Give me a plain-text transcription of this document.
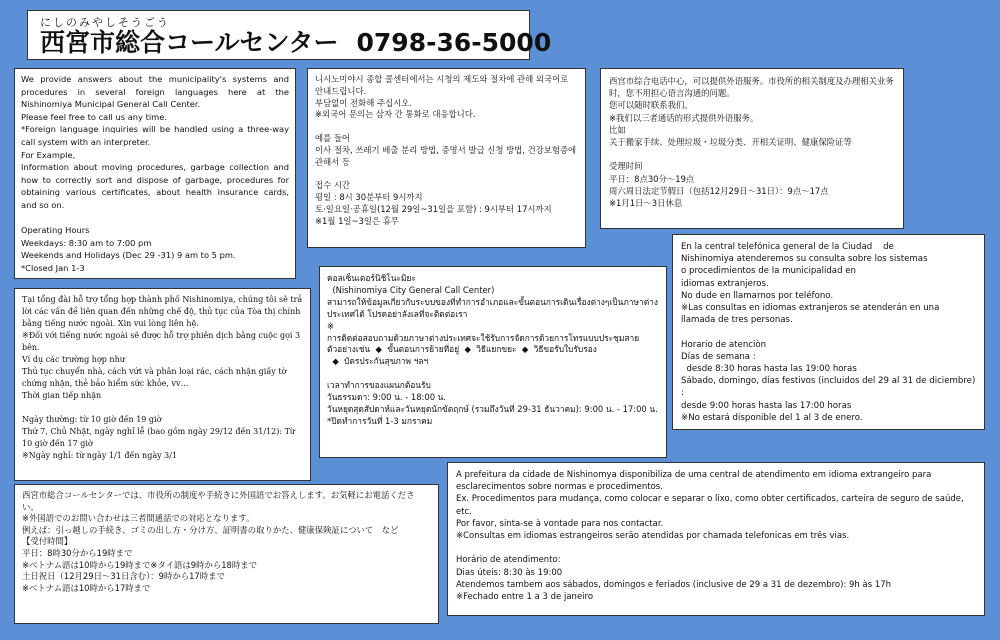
にしのみやしそうごう
西宮市総合コールセンター 0798-36-5000
We provide answers about the municipality's systems and procedures in several foreign languages here at the Nishinomiya Municipal General Call Center.
Please feel free to call us any time.
*Foreign language inquiries will be handled using a three-way call system with an interpreter.
For Example,
Information about moving procedures, garbage collection and how to correctly sort and dispose of garbage, procedures for obtaining various certificates, about health insurance cards, and so on.

Operating Hours
Weekdays: 8:30 am to 7:00 pm
Weekends and Holidays (Dec 29 -31) 9 am to 5 pm.
*Closed Jan 1-3
니시노미야시 종합 콜센터에서는 시청의 제도와 절차에 관해 외국어로 안내드립니다.
부담없이 전화해 주십시오.
※외국어 문의는 삼자 간 통화로 대응합니다.

예를 들어
이사 절차, 쓰레기 배출 분리 방법, 증명서 발급 신청 방법, 건강보험증에 관해서 등

접수 시간
평일 : 8시 30분부터 9시까지
토·일요일·공휴일(12월 29일~31일을 포함) : 9시부터 17시까지
※1월 1일~3일은 휴무
西宫市综合电话中心，可以提供外语服务。市役所的相关制度及办理相关业务时，您不用担心语言沟通的问题。
您可以随时联系我们。
※我们以三者通话的形式提供外语服务。
比如
关于搬家手续、处理垃圾・垃圾分类、开相关证明、健康保险证等

受理时间
平日：8点30分～19点
周六周日法定节假日（包括12月29日～31日）：9点～17点
※1月1日～3日休息
En la central telefónica general de la Ciudad    de
Nishinomiya atenderemos su consulta sobre los sistemas
o procedimientos de la municipalidad en
idiomas extranjeros.
No dude en llamarnos por teléfono.
※Las consultas en idiomas extranjeros se atenderán en una llamada de tres personas.

Horario de atenciòn
Días de semana :
desde 8:30 horas hasta las 19:00 horas
Sábado, domingo, días festivos (incluidos del 29 al 31 de diciembre) :
desde 9:00 horas hasta las 17:00 horas
※No estará disponible del 1 al 3 de enero.
คอลเซ็นเตอร์นิชิโนะมิยะ
(Nishinomiya City General Call Center)
สามารถให้ข้อมูลเกี่ยวกับระบบของที่ทำการอำเภอและขั้นตอนการเดินเรื่องต่างๆเป็นภาษาต่างประเทศได้ โปรดอย่าลังเลที่จะติดต่อเรา
※
การติดต่อสอบถามด้วยภาษาต่างประเทศจะใช้รับการจัดการด้วยการโทรแบบประชุมสาย
ตัวอย่างเช่น  ◆  ขั้นตอนการย้ายที่อยู่  ◆  วิธีแยกขยะ  ◆  วิธีขอรับใบรับรอง
◆  บัตรประกันสุขภาพ ฯลฯ

เวลาทำการของแผนกต้อนรับ
วันธรรมดา: 9:00 น. - 18:00 น.
วันหยุดสุดสัปดาห์และวันหยุดนักขัตฤกษ์ (รวมถึงวันที่ 29-31 ธันวาคม): 9:00 น. - 17:00 น.
*ปิดทำการวันที่ 1-3 มกราคม
Tại tổng đài hỗ trợ tổng hợp thành phố Nishinomiya, chúng tôi sẽ trả lời các vấn đề liên quan đến những chế độ, thủ tục của Tòa thị chính bằng tiếng nước ngoài. Xin vui lòng liên hệ.
※Đối với tiếng nước ngoài sẽ được hỗ trợ phiên dịch bằng cuộc gọi 3 bên.
Ví dụ các trường hợp như
Thủ tục chuyển nhà, cách vứt và phân loại rác, cách nhận giấy tờ chứng nhận, thẻ bảo hiểm sức khỏe, vv…
Thời gian tiếp nhận

Ngày thường: từ 10 giờ đến 19 giờ
Thứ 7, Chủ Nhật, ngày nghỉ lễ (bao gồm ngày 29/12 đến 31/12): Từ 10 giờ đến 17 giờ
※Ngày nghỉ: từ ngày 1/1 đến ngày 3/1
A prefeitura da cidade de Nishinomya disponibiliza de uma central de atendimento em idioma extrangeiro para esclarecimentos sobre normas e procedimentos.
Ex. Procedimentos para mudança, como colocar e separar o lixo, como obter certificados, carteira de seguro de saúde, etc.
Por favor, sinta-se à vontade para nos contactar.
※Consultas em idiomas estrangeiros serão atendidas por chamada telefonicas em três vias.

Horário de atendimento:
Dias úteis: 8:30 às 19:00
Atendemos tambem aos sábados, domingos e feriados (inclusive de 29 a 31 de dezembro): 9h às 17h
※Fechado entre 1 a 3 de janeiro
西宮市総合コールセンターでは、市役所の制度や手続きに外国語でお答えします。お気軽にお電話ください。
※外国語でのお問い合わせは三者間通話での対応となります。
例えば：引っ越しの手続き、ゴミの出し方・分け方、証明書の取りかた、健康保険証について　など
【受付時間】
平日：8時30分から19時まで
※ベトナム語は10時から19時まで※タイ語は9時から18時まで
土日祝日（12月29日～31日含む）：9時から17時まで
※ベトナム語は10時から17時まで
